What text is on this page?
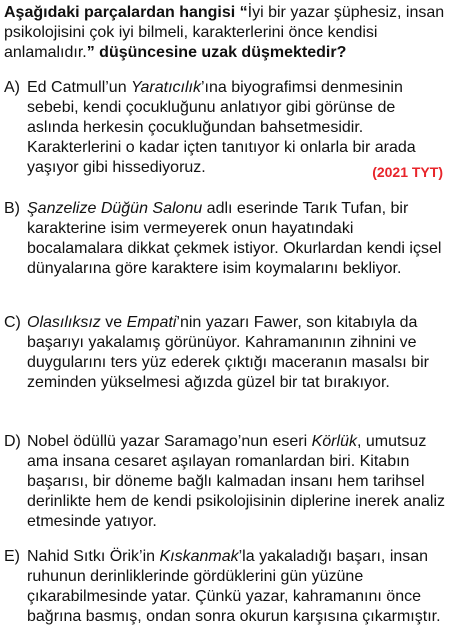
Aşağıdaki parçalardan hangisi “İyi bir yazar şüphesiz, insan psikolojisini çok iyi bilmeli, karakterlerini önce kendisi anlamalıdır.” düşüncesine uzak düşmektedir?
A) Ed Catmull’un Yaratıcılık’ına biyografimsi denmesinin sebebi, kendi çocukluğunu anlatıyor gibi görünse de aslında herkesin çocukluğundan bahsetmesidir. Karakterlerini o kadar içten tanıtıyor ki onlarla bir arada yaşıyor gibi hissediyoruz.	(2021 TYT)
B) Şanzelize Düğün Salonu adlı eserinde Tarık Tufan, bir karakterine isim vermeyerek onun hayatındaki bocalamalara dikkat çekmek istiyor. Okurlardan kendi içsel dünyalarına göre karaktere isim koymalarını bekliyor.
C) Olasılıksız ve Empati’nin yazarı Fawer, son kitabıyla da başarıyı yakalamış görünüyor. Kahramanının zihnini ve duygularını ters yüz ederek çıktığı maceranın masalsı bir zeminden yükselmesi ağızda güzel bir tat bırakıyor.
D) Nobel ödüllü yazar Saramago’nun eseri Körlük, umutsuz ama insana cesaret aşılayan romanlardan biri. Kitabın başarısı, bir döneme bağlı kalmadan insanı hem tarihsel derinlikte hem de kendi psikolojisinin diplerine inerek analiz etmesinde yatıyor.
E) Nahid Sıtkı Örik’in Kıskanmak’la yakaladığı başarı, insan ruhunun derinliklerinde gördüklerini gün yüzüne çıkarabilmesinde yatar. Çünkü yazar, kahramanını önce bağrına basmış, ondan sonra okurun karşısına çıkarmıştır.
